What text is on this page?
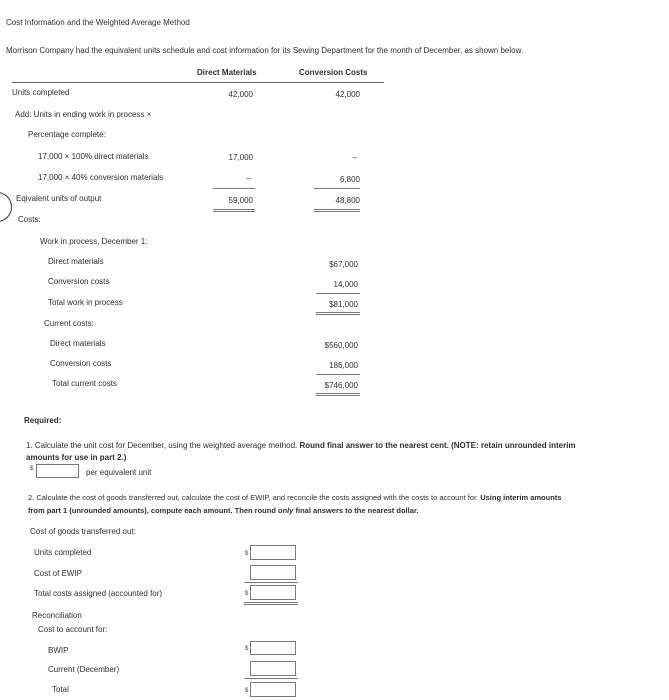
Cost Information and the Weighted Average Method
Morrison Company had the equivalent units schedule and cost information for its Sewing Department for the month of December, as shown below.
Direct Materials	Conversion Costs
Units completed	42,000	42,000
Add: Units in ending work in process ×
Percentage complete:
17,000 × 100% direct materials	17,000	–
17,000 × 40% conversion materials	–	6,800
Eqivalent units of output	59,000	48,800
Costs:
Work in process, December 1:
Direct materials	$67,000
Conversion costs	14,000
Total work in process	$81,000
Current costs:
Direct materials	$560,000
Conversion costs	186,000
Total current costs	$746,000
Required:
1. Calculate the unit cost for December, using the weighted average method. Round final answer to the nearest cent. (NOTE: retain unrounded interim
amounts for use in part 2.)
$	per equivalent unit
2. Calculate the cost of goods transferred out, calculate the cost of EWIP, and reconcile the costs assigned with the costs to account for. Using interim amounts
from part 1 (unrounded amounts), compute each amount. Then round only final answers to the nearest dollar.
Cost of goods transferred out:
Units completed	$
Cost of EWIP
Total costs assigned (accounted for)	$
Reconciliation
Cost to account for:
BWIP	$
Current (December)
Total	$
